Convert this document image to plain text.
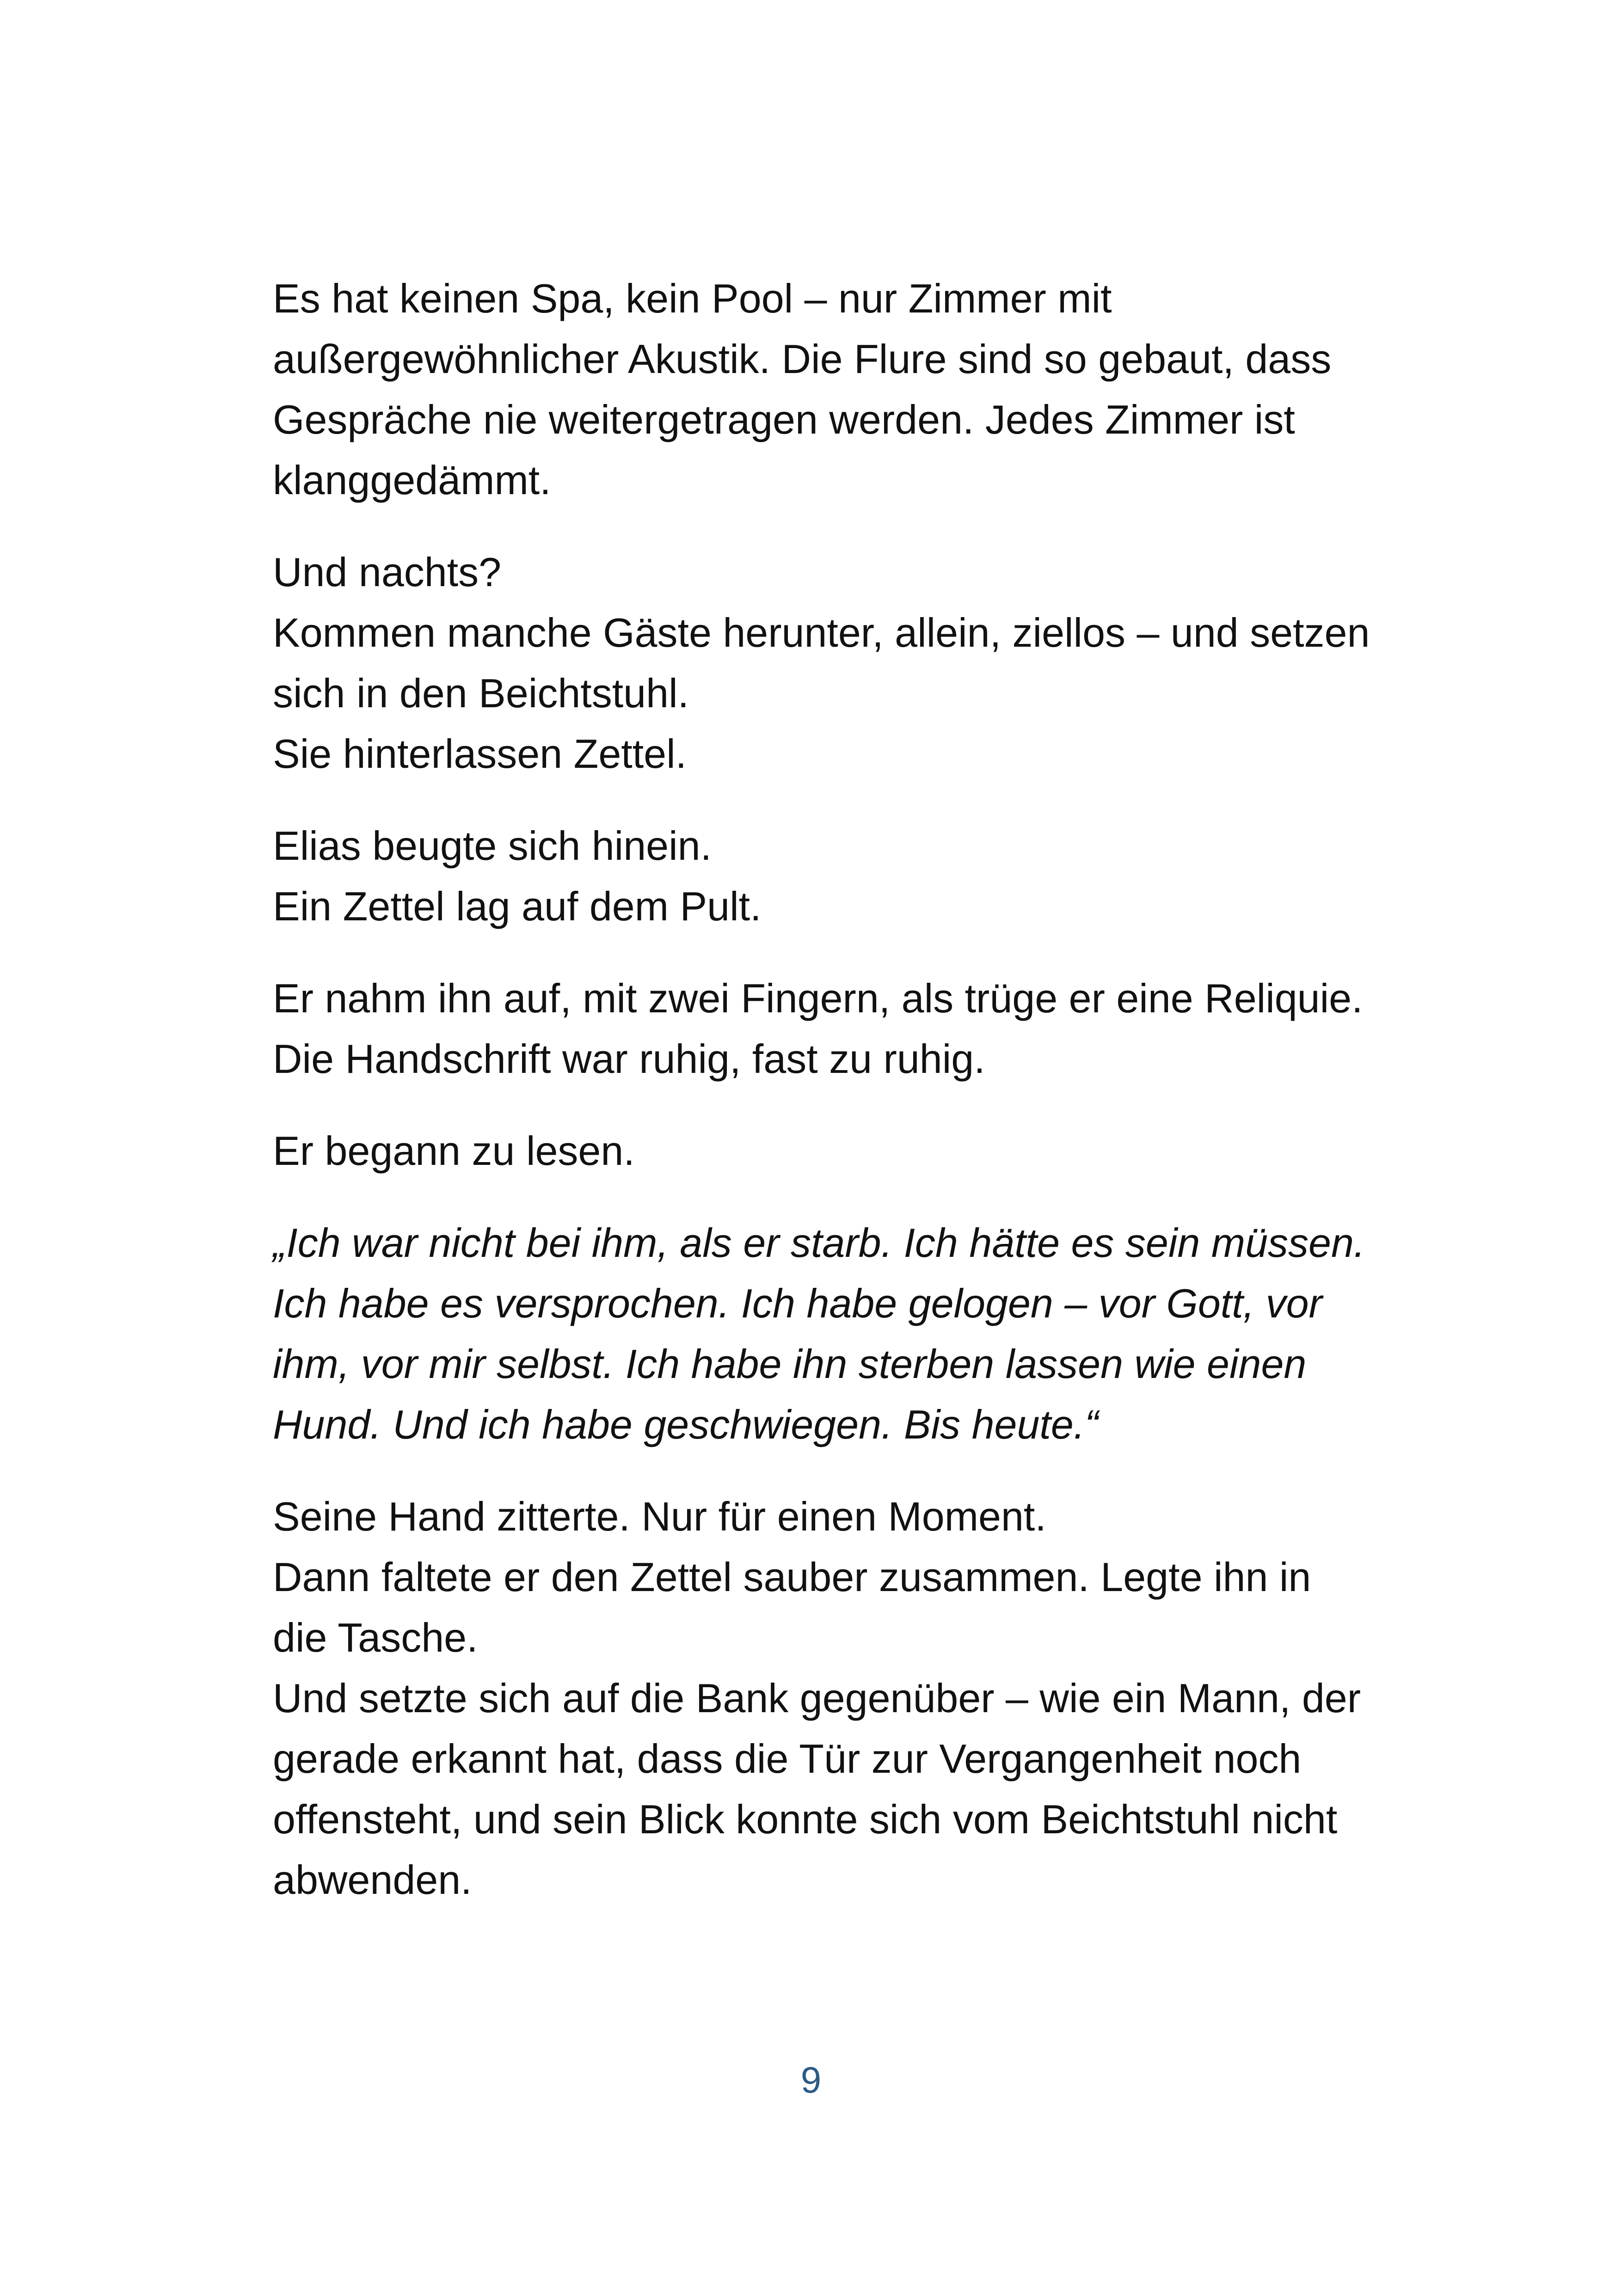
Es hat keinen Spa, kein Pool – nur Zimmer mit
außergewöhnlicher Akustik. Die Flure sind so gebaut, dass
Gespräche nie weitergetragen werden. Jedes Zimmer ist
klanggedämmt.

Und nachts?
Kommen manche Gäste herunter, allein, ziellos – und setzen
sich in den Beichtstuhl.
Sie hinterlassen Zettel.

Elias beugte sich hinein.
Ein Zettel lag auf dem Pult.

Er nahm ihn auf, mit zwei Fingern, als trüge er eine Reliquie.
Die Handschrift war ruhig, fast zu ruhig.

Er begann zu lesen.

„Ich war nicht bei ihm, als er starb. Ich hätte es sein müssen.
Ich habe es versprochen. Ich habe gelogen – vor Gott, vor
ihm, vor mir selbst. Ich habe ihn sterben lassen wie einen
Hund. Und ich habe geschwiegen. Bis heute.“

Seine Hand zitterte. Nur für einen Moment.
Dann faltete er den Zettel sauber zusammen. Legte ihn in
die Tasche.
Und setzte sich auf die Bank gegenüber – wie ein Mann, der
gerade erkannt hat, dass die Tür zur Vergangenheit noch
offensteht, und sein Blick konnte sich vom Beichtstuhl nicht
abwenden.

9
